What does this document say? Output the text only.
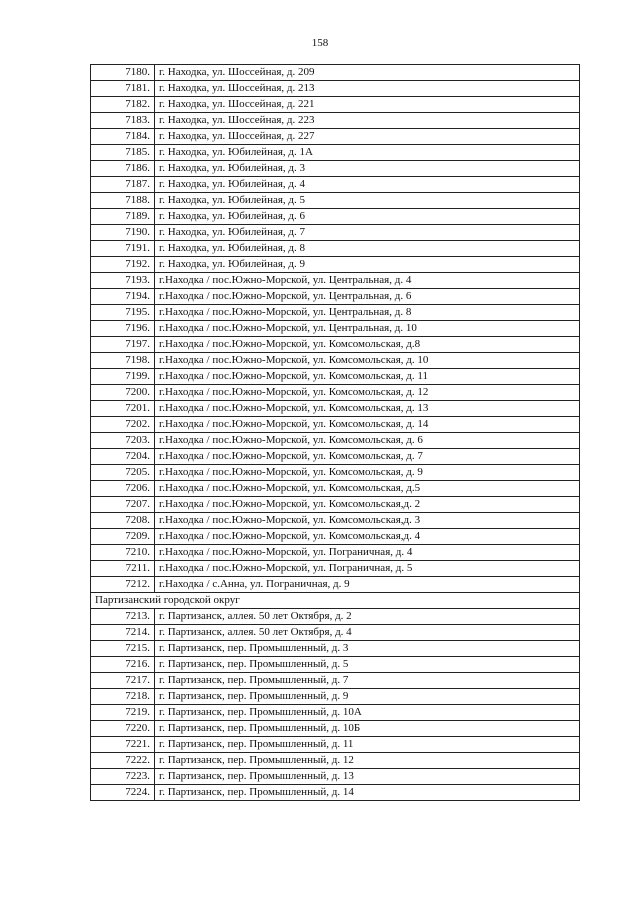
158
7180.	г. Находка, ул. Шоссейная, д. 209
7181.	г. Находка, ул. Шоссейная, д. 213
7182.	г. Находка, ул. Шоссейная, д. 221
7183.	г. Находка, ул. Шоссейная, д. 223
7184.	г. Находка, ул. Шоссейная, д. 227
7185.	г. Находка, ул. Юбилейная, д. 1А
7186.	г. Находка, ул. Юбилейная, д. 3
7187.	г. Находка, ул. Юбилейная, д. 4
7188.	г. Находка, ул. Юбилейная, д. 5
7189.	г. Находка, ул. Юбилейная, д. 6
7190.	г. Находка, ул. Юбилейная, д. 7
7191.	г. Находка, ул. Юбилейная, д. 8
7192.	г. Находка, ул. Юбилейная, д. 9
7193.	г.Находка / пос.Южно-Морской, ул. Центральная, д. 4
7194.	г.Находка / пос.Южно-Морской, ул. Центральная, д. 6
7195.	г.Находка / пос.Южно-Морской, ул. Центральная, д. 8
7196.	г.Находка / пос.Южно-Морской, ул. Центральная, д. 10
7197.	г.Находка / пос.Южно-Морской, ул. Комсомольская, д.8
7198.	г.Находка / пос.Южно-Морской, ул. Комсомольская, д. 10
7199.	г.Находка / пос.Южно-Морской, ул. Комсомольская, д. 11
7200.	г.Находка / пос.Южно-Морской, ул. Комсомольская, д. 12
7201.	г.Находка / пос.Южно-Морской, ул. Комсомольская, д. 13
7202.	г.Находка / пос.Южно-Морской, ул. Комсомольская, д. 14
7203.	г.Находка / пос.Южно-Морской, ул. Комсомольская, д. 6
7204.	г.Находка / пос.Южно-Морской, ул. Комсомольская, д. 7
7205.	г.Находка / пос.Южно-Морской, ул. Комсомольская, д. 9
7206.	г.Находка / пос.Южно-Морской, ул. Комсомольская, д.5
7207.	г.Находка / пос.Южно-Морской, ул. Комсомольская,д. 2
7208.	г.Находка / пос.Южно-Морской, ул. Комсомольская,д. 3
7209.	г.Находка / пос.Южно-Морской, ул. Комсомольская,д. 4
7210.	г.Находка / пос.Южно-Морской, ул. Пограничная, д. 4
7211.	г.Находка / пос.Южно-Морской, ул. Пограничная, д. 5
7212.	г.Находка / с.Анна, ул. Пограничная, д. 9
Партизанский городской округ	
7213.	г. Партизанск, аллея. 50 лет Октября, д. 2
7214.	г. Партизанск, аллея. 50 лет Октября, д. 4
7215.	г. Партизанск, пер. Промышленный, д. 3
7216.	г. Партизанск, пер. Промышленный, д. 5
7217.	г. Партизанск, пер. Промышленный, д. 7
7218.	г. Партизанск, пер. Промышленный, д. 9
7219.	г. Партизанск, пер. Промышленный, д. 10А
7220.	г. Партизанск, пер. Промышленный, д. 10Б
7221.	г. Партизанск, пер. Промышленный, д. 11
7222.	г. Партизанск, пер. Промышленный, д. 12
7223.	г. Партизанск, пер. Промышленный, д. 13
7224.	г. Партизанск, пер. Промышленный, д. 14
